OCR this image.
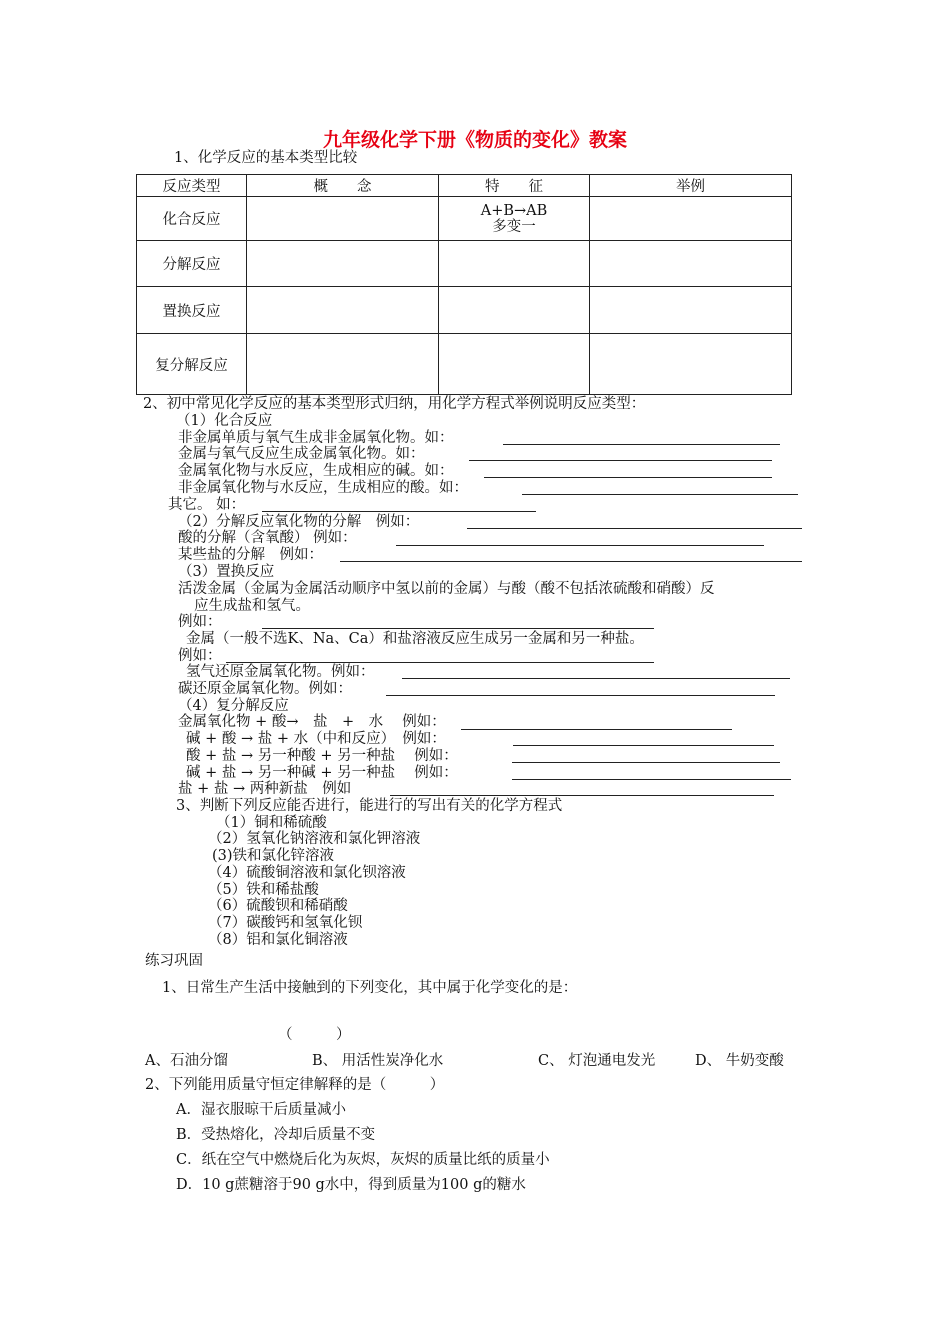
九年级化学下册《物质的变化》教案
1、化学反应的基本类型比较
反应类型	概　　念	特　　征	举例
化合反应		A+B→AB
多变一	
分解反应			
置换反应			
复分解反应			
2、初中常见化学反应的基本类型形式归纳，用化学方程式举例说明反应类型：
（1）化合反应
非金属单质与氧气生成非金属氧化物。如：
金属与氧气反应生成金属氧化物。如：
金属氧化物与水反应，生成相应的碱。如：
非金属氧化物与水反应，生成相应的酸。如：
其它。 如：
（2）分解反应氧化物的分解　例如：
酸的分解（含氧酸） 例如：
某些盐的分解　例如：
（3）置换反应
活泼金属（金属为金属活动顺序中氢以前的金属）与酸（酸不包括浓硫酸和硝酸）反
应生成盐和氢气。
例如：
金属（一般不选K、Na、Ca）和盐溶液反应生成另一金属和另一种盐。
例如：
氢气还原金属氧化物。例如：
碳还原金属氧化物。例如：
（4）复分解反应
金属氧化物 + 酸→　盐　+　水　 例如：
碱 + 酸 → 盐 + 水（中和反应）　例如：
酸 + 盐 → 另一种酸 + 另一种盐　 例如：
碱 + 盐 → 另一种碱 + 另一种盐　 例如：
盐 + 盐 → 两种新盐　例如
3、判断下列反应能否进行，能进行的写出有关的化学方程式
（1）铜和稀硫酸
（2）氢氧化钠溶液和氯化钾溶液
(3)铁和氯化锌溶液
（4）硫酸铜溶液和氯化钡溶液
（5）铁和稀盐酸
（6）硫酸钡和稀硝酸
（7）碳酸钙和氢氧化钡
（8）铝和氯化铜溶液
练习巩固
1、日常生产生活中接触到的下列变化，其中属于化学变化的是：
（　　　）
A、石油分馏	B、 用活性炭净化水	C、 灯泡通电发光	D、 牛奶变酸
2、下列能用质量守恒定律解释的是（　　　）
A．湿衣服晾干后质量减小
B．受热熔化，冷却后质量不变
C．纸在空气中燃烧后化为灰烬，灰烬的质量比纸的质量小
D．10 g蔗糖溶于90 g水中，得到质量为100 g的糖水
